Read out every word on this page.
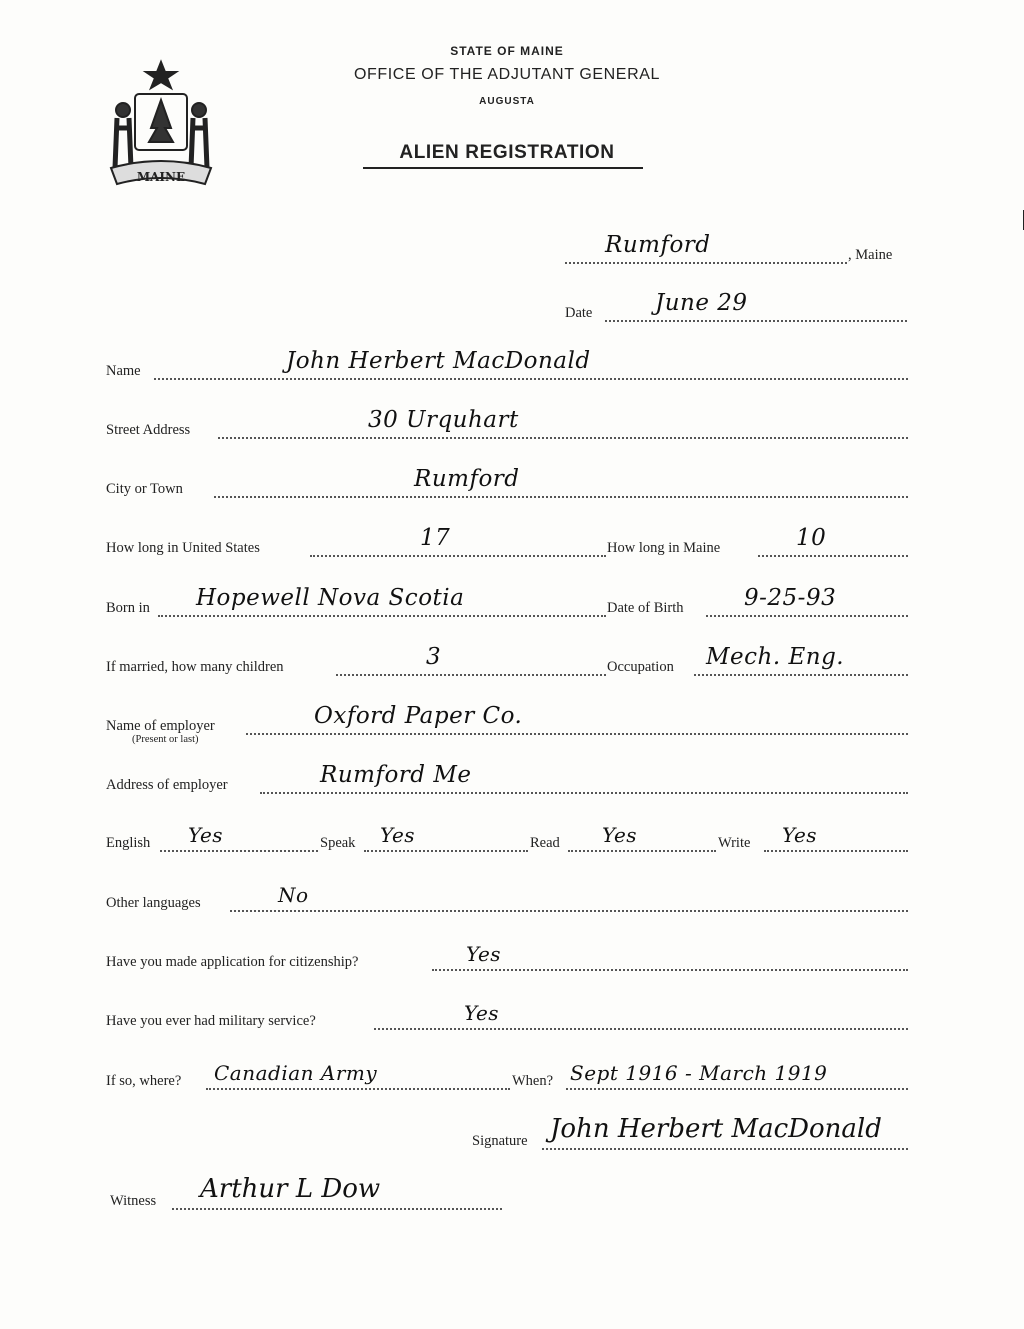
MAINE
STATE OF MAINE
OFFICE OF THE ADJUTANT GENERAL
AUGUSTA
ALIEN REGISTRATION
Rumford	, Maine
Date	June 29
Name	John Herbert MacDonald
Street Address	30 Urquhart
City or Town	Rumford
How long in United States	17	How long in Maine	10
Born in Hopewell Nova Scotia	Date of Birth	9-25-93
If married, how many children	3	Occupation Mech. Eng.
Name of employer
(Present or last)
Oxford Paper Co.
Address of employer	Rumford Me
English Yes	Speak Yes	Read Yes	Write Yes
Other languages	No
Have you made application for citizenship?	Yes
Have you ever had military service?	Yes
If so, where? Canadian Army	When? Sept 1916 - March 1919
Signature John Herbert MacDonald
Witness Arthur L Dow
